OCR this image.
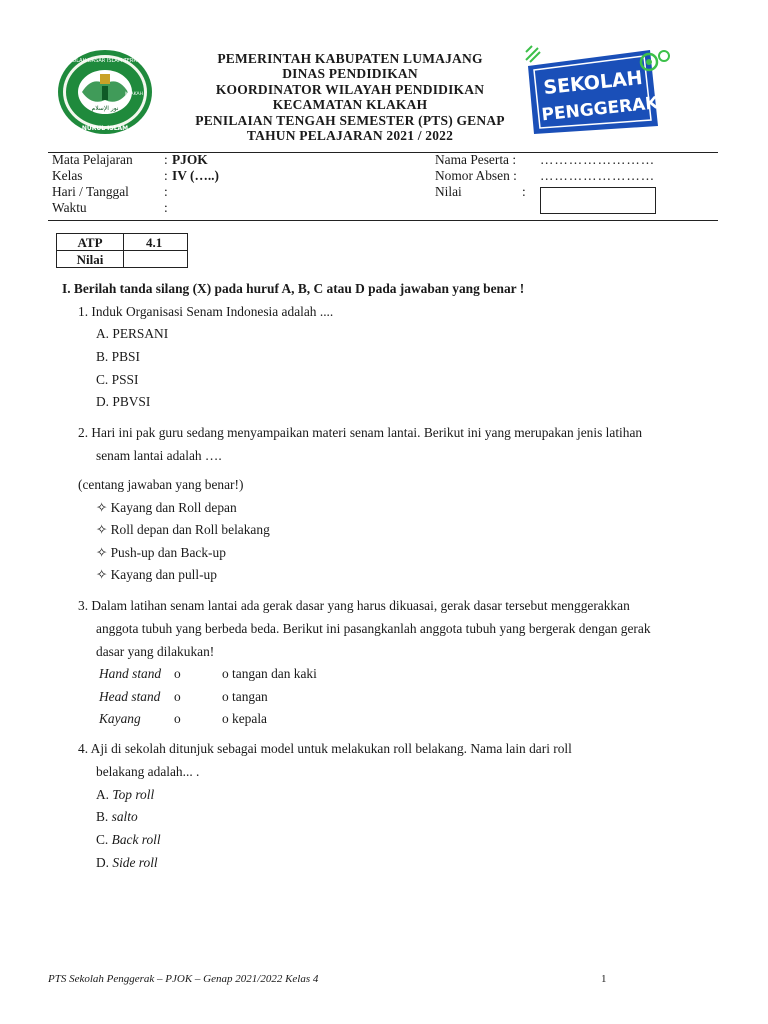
نور الإسلام
SEKOLAH DASAR ISLAM TERPADU
NURUL ISLAM
KLAKAH
PEMERINTAH KABUPATEN LUMAJANG
DINAS PENDIDIKAN
KOORDINATOR WILAYAH PENDIDIKAN
KECAMATAN KLAKAH
PENILAIAN TENGAH SEMESTER (PTS) GENAP
TAHUN PELAJARAN 2021 / 2022
SEKOLAH
PENGGERAK
Mata Pelajaran : PJOK
Kelas	: IV (…..)
Hari / Tanggal	:
Waktu	:
Nama Peserta : ……………………
Nomor Absen : ……………………
Nilai	:
ATP	4.1
Nilai	
I. Berilah tanda silang (X) pada huruf A, B, C atau D pada jawaban yang benar !
1. Induk Organisasi Senam Indonesia adalah ....
A. PERSANI
B. PBSI
C. PSSI
D. PBVSI
2. Hari ini pak guru sedang menyampaikan materi senam lantai. Berikut ini yang merupakan jenis latihan
senam lantai adalah ….
(centang jawaban yang benar!)
✧ Kayang dan Roll depan
✧ Roll depan dan Roll belakang
✧ Push-up dan Back-up
✧ Kayang dan pull-up
3. Dalam latihan senam lantai ada gerak dasar yang harus dikuasai, gerak dasar tersebut menggerakkan
anggota tubuh yang berbeda beda. Berikut ini pasangkanlah anggota tubuh yang bergerak dengan gerak
dasar yang dilakukan!
Hand stand o	o tangan dan kaki
Head stand o	o tangan
Kayang o	o kepala
4. Aji di sekolah ditunjuk sebagai model untuk melakukan roll belakang. Nama lain dari roll
belakang adalah... .
A. Top roll
B. salto
C. Back roll
D. Side roll
PTS Sekolah Penggerak – PJOK – Genap 2021/2022 Kelas 4	1
